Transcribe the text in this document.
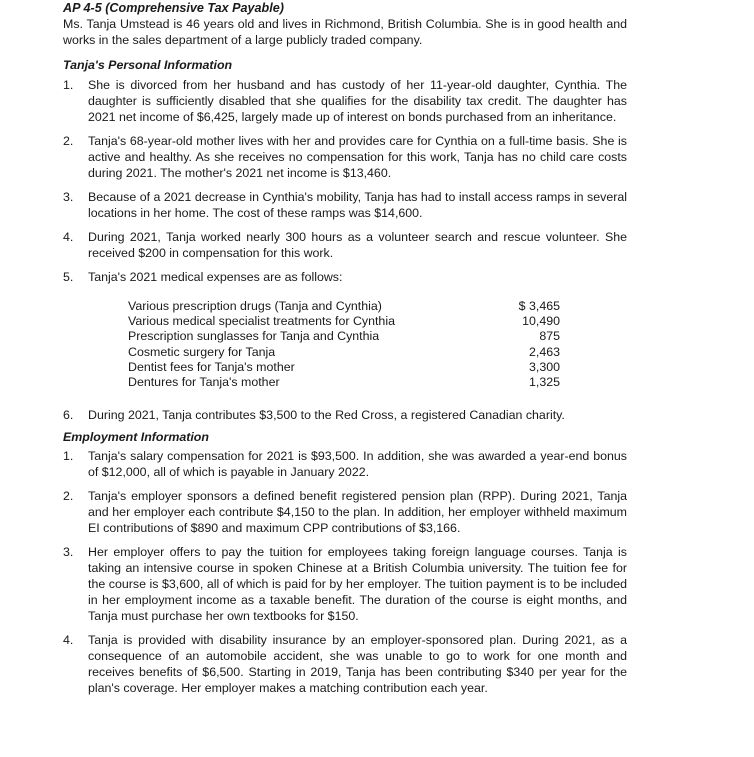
AP 4-5 (Comprehensive Tax Payable)

Ms. Tanja Umstead is 46 years old and lives in Richmond, British Columbia. She is in good health and works in the sales department of a large publicly traded company.

Tanja's Personal Information

1. She is divorced from her husband and has custody of her 11-year-old daughter, Cynthia. The daughter is sufficiently disabled that she qualifies for the disability tax credit. The daughter has 2021 net income of $6,425, largely made up of interest on bonds purchased from an inheritance.
2. Tanja's 68-year-old mother lives with her and provides care for Cynthia on a full-time basis. She is active and healthy. As she receives no compensation for this work, Tanja has no child care costs during 2021. The mother's 2021 net income is $13,460.
3. Because of a 2021 decrease in Cynthia's mobility, Tanja has had to install access ramps in several locations in her home. The cost of these ramps was $14,600.
4. During 2021, Tanja worked nearly 300 hours as a volunteer search and rescue volunteer. She received $200 in compensation for this work.
5. Tanja's 2021 medical expenses are as follows:
Various prescription drugs (Tanja and Cynthia)	$ 3,465
Various medical specialist treatments for Cynthia	10,490
Prescription sunglasses for Tanja and Cynthia	875
Cosmetic surgery for Tanja	2,463
Dentist fees for Tanja's mother	3,300
Dentures for Tanja's mother	1,325
6. During 2021, Tanja contributes $3,500 to the Red Cross, a registered Canadian charity.

Employment Information

1. Tanja's salary compensation for 2021 is $93,500. In addition, she was awarded a year-end bonus of $12,000, all of which is payable in January 2022.
2. Tanja's employer sponsors a defined benefit registered pension plan (RPP). During 2021, Tanja and her employer each contribute $4,150 to the plan. In addition, her employer withheld maximum EI contributions of $890 and maximum CPP contributions of $3,166.
3. Her employer offers to pay the tuition for employees taking foreign language courses. Tanja is taking an intensive course in spoken Chinese at a British Columbia university. The tuition fee for the course is $3,600, all of which is paid for by her employer. The tuition payment is to be included in her employment income as a taxable benefit. The duration of the course is eight months, and Tanja must purchase her own textbooks for $150.
4. Tanja is provided with disability insurance by an employer-sponsored plan. During 2021, as a consequence of an automobile accident, she was unable to go to work for one month and receives benefits of $6,500. Starting in 2019, Tanja has been contributing $340 per year for the plan's coverage. Her employer makes a matching contribution each year.
